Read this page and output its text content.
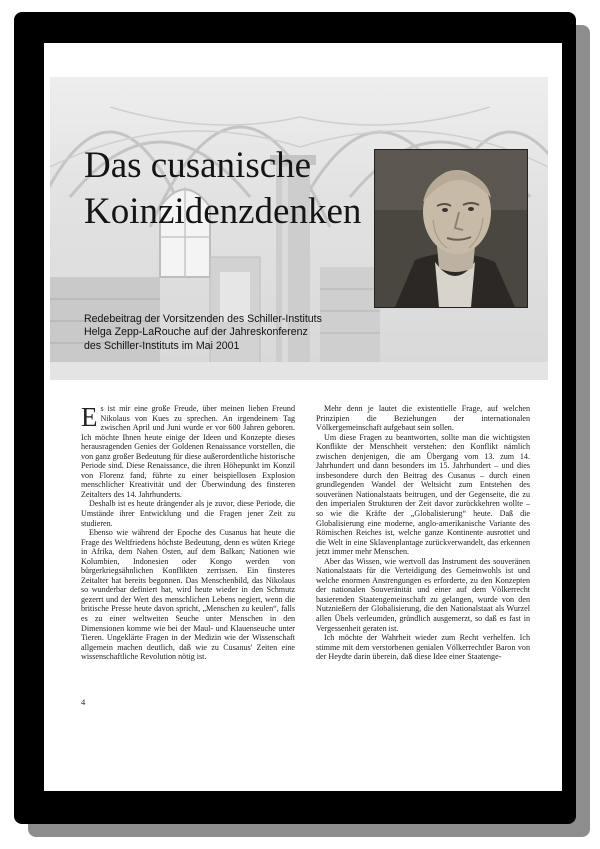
Das cusanische
Koinzidenzdenken
Redebeitrag der Vorsitzenden des Schiller-Instituts
Helga Zepp-LaRouche auf der Jahreskonferenz
des Schiller-Instituts im Mai 2001

Es ist mir eine große Freude, über meinen lieben Freund Nikolaus von Kues zu sprechen. An irgendeinem Tag zwischen April und Juni wurde er vor 600 Jahren geboren. Ich möchte Ihnen heute einige der Ideen und Konzepte dieses herausragenden Genies der Goldenen Renaissance vorstellen, die von ganz großer Bedeutung für diese außerordentliche historische Periode sind. Diese Renaissance, die ihren Höhepunkt im Konzil von Florenz fand, führte zu einer beispiellosen Explosion menschlicher Kreativität und der Überwindung des finsteren Zeitalters des 14. Jahrhunderts.

Deshalb ist es heute drängender als je zuvor, diese Periode, die Umstände ihrer Entwicklung und die Fragen jener Zeit zu studieren.

Ebenso wie während der Epoche des Cusanus hat heute die Frage des Weltfriedens höchste Bedeutung, denn es wüten Kriege in Afrika, dem Nahen Osten, auf dem Balkan; Nationen wie Kolumbien, Indonesien oder Kongo werden von bürgerkriegsähnlichen Konflikten zerrissen. Ein finsteres Zeitalter hat bereits begonnen. Das Menschenbild, das Nikolaus so wunderbar definiert hat, wird heute wieder in den Schmutz gezerrt und der Wert des menschlichen Lebens negiert, wenn die britische Presse heute davon spricht, „Menschen zu keulen“, falls es zu einer weltweiten Seuche unter Menschen in den Dimensionen komme wie bei der Maul- und Klauenseuche unter Tieren. Ungeklärte Fragen in der Medizin wie der Wissenschaft allgemein machen deutlich, daß wie zu Cusanus' Zeiten eine wissenschaftliche Revolution nötig ist.

Mehr denn je lautet die existentielle Frage, auf welchen Prinzipien die Beziehungen der internationalen Völkergemeinschaft aufgebaut sein sollen.

Um diese Fragen zu beantworten, sollte man die wichtigsten Konflikte der Menschheit verstehen: den Konflikt nämlich zwischen denjenigen, die am Übergang vom 13. zum 14. Jahrhundert und dann besonders im 15. Jahrhundert – und dies insbesondere durch den Beitrag des Cusanus – durch einen grundlegenden Wandel der Weltsicht zum Entstehen des souveränen Nationalstaats beitrugen, und der Gegenseite, die zu den imperialen Strukturen der Zeit davor zurückkehren wollte – so wie die Kräfte der „Globalisierung“ heute. Daß die Globalisierung eine moderne, anglo-amerikanische Variante des Römischen Reiches ist, welche ganze Kontinente ausrottet und die Welt in eine Sklavenplantage zurückverwandelt, das erkennen jetzt immer mehr Menschen.

Aber das Wissen, wie wertvoll das Instrument des souveränen Nationalstaats für die Verteidigung des Gemeinwohls ist und welche enormen Anstrengungen es erforderte, zu den Konzepten der nationalen Souveränität und einer auf dem Völkerrecht basierenden Staatengemeinschaft zu gelangen, wurde von den Nutznießern der Globalisierung, die den Nationalstaat als Wurzel allen Übels verleumden, gründlich ausgemerzt, so daß es fast in Vergessenheit geraten ist.

Ich möchte der Wahrheit wieder zum Recht verhelfen. Ich stimme mit dem verstorbenen genialen Völkerrechtler Baron von der Heydte darin überein, daß diese Idee einer Staatenge-

4
